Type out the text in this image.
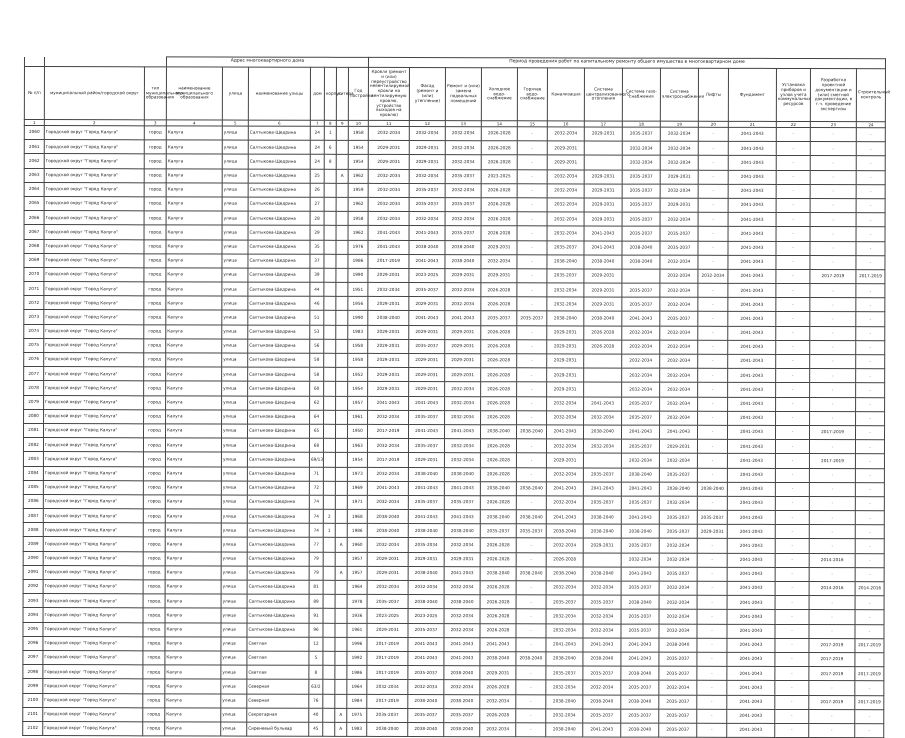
			Адрес многоквартирного дома							Период проведения работ по капитальному ремонту общего имущества в многоквартирном доме													
№ п/п	муниципальный район/городской округ	тип муниципального образования	наименование муниципального образования	улица	наименование улицы	дом	корпус	литера	Год постройки	Кровля (ремонт и (или) переустройство невентилируемой кровли на вентилируемую кровлю, устройство выходов на кровлю)	Фасад (ремонт и (или) утепление)	Ремонт и (или) замена подвальных помещений	Холодное водо-снабжение	Горячее водо-снабжение	Канализация	Система централизованного отопления	Система газо-снабжения	Система электроснабжения	Лифты	Фундамент	Установка приборов и узлов учета коммунальных ресурсов	Разработка проектной документации и (или) сметной документации, в т.ч. проведение экспертизы	Строительный контроль
1	2	3	4	5	6	7	8	9	10	11	12	13	14	15	16	17	18	19	20	21	22	23	24
2060	Городской округ "Город Калуга"	город	Калуга	улица	Салтыкова-Щедрина	24	1		1958	2032-2034	2032-2034	2032-2034	2026-2028	-	2032-2034	2029-2031	2035-2037	2032-2034	-	2041-2043	-	-	-
2061	Городской округ "Город Калуга"	город	Калуга	улица	Салтыкова-Щедрина	24	6		1954	2029-2031	2029-2031	2032-2034	2026-2028	-	2029-2031		2032-2034	2032-2034	-	2041-2043	-	-	-
2062	Городской округ "Город Калуга"	город	Калуга	улица	Салтыкова-Щедрина	24	8		1954	2029-2031	2029-2031	2032-2034	2026-2028	-	2029-2031		2032-2034	2032-2034	-	2041-2043	-	-	-
2063	Городской округ "Город Калуга"	город	Калуга	улица	Салтыкова-Щедрина	25		А	1962	2032-2034	2032-2034	2035-2037	2023-2025	-	2032-2034	2029-2031	2035-2037	2029-2031	-	2041-2043	-	-	-
2064	Городской округ "Город Калуга"	город	Калуга	улица	Салтыкова-Щедрина	26			1959	2032-2034	2035-2037	2032-2034	2026-2028	-	2032-2034	2029-2031	2035-2037	2032-2034	-	2041-2043	-	-	-
2065	Городской округ "Город Калуга"	город	Калуга	улица	Салтыкова-Щедрина	27			1962	2032-2034	2035-2037	2035-2037	2026-2028	-	2032-2034	2029-2031	2035-2037	2029-2031	-	2041-2043	-	-	-
2066	Городской округ "Город Калуга"	город	Калуга	улица	Салтыкова-Щедрина	28			1958	2032-2034	2032-2034	2032-2034	2026-2028	-	2032-2034	2029-2031	2035-2037	2032-2034	-	2041-2043	-	-	-
2067	Городской округ "Город Калуга"	город	Калуга	улица	Салтыкова-Щедрина	29			1962	2041-2043	2041-2043	2035-2037	2026-2028	-	2032-2034	2041-2043	2035-2037	2035-2037	-	2041-2043	-	-	-
2068	Городской округ "Город Калуга"	город	Калуга	улица	Салтыкова-Щедрина	35			1976	2041-2043	2038-2040	2038-2040	2029-2031	-	2035-2037	2041-2043	2038-2040	2035-2037	-	2041-2043	-	-	-
2069	Городской округ "Город Калуга"	город	Калуга	улица	Салтыкова-Щедрина	37			1986	2017-2019	2041-2043	2038-2040	2032-2034	-	2038-2040	2038-2040	2038-2040	2032-2034	-	2041-2043	-	-	-
2070	Городской округ "Город Калуга"	город	Калуга	улица	Салтыкова-Щедрина	39			1990	2029-2031	2023-2025	2029-2031	2029-2031	-	2035-2037	2029-2031		2032-2034	2032-2034	2041-2043	-	2017-2019	2017-2019
2071	Городской округ "Город Калуга"	город	Калуга	улица	Салтыкова-Щедрина	44			1951	2032-2034	2035-2037	2032-2034	2026-2028	-	2032-2034	2029-2031	2035-2037	2032-2034	-	2041-2043	-	-	-
2072	Городской округ "Город Калуга"	город	Калуга	улица	Салтыкова-Щедрина	46			1956	2029-2031	2029-2031	2032-2034	2026-2028	-	2032-2034	2029-2031	2035-2037	2032-2034	-	2041-2043	-	-	-
2073	Городской округ "Город Калуга"	город	Калуга	улица	Салтыкова-Щедрина	51			1990	2038-2040	2041-2043	2041-2043	2035-2037	2035-2037	2038-2040	2038-2040	2041-2043	2035-2037	-	2041-2043	-	-	-
2074	Городской округ "Город Калуга"	город	Калуга	улица	Салтыкова-Щедрина	53			1983	2029-2031	2029-2031	2029-2031	2026-2028	-	2029-2031	2026-2028	2032-2034	2032-2034	-	2041-2043	-	-	-
2075	Городской округ "Город Калуга"	город	Калуга	улица	Салтыкова-Щедрина	56			1958	2029-2031	2035-2037	2029-2031	2026-2028	-	2029-2031	2026-2028	2032-2034	2032-2034	-	2041-2043	-	-	-
2076	Городской округ "Город Калуга"	город	Калуга	улица	Салтыкова-Щедрина	58			1958	2029-2031	2029-2031	2029-2031	2026-2028	-	2029-2031		2032-2034	2032-2034	-	2041-2043	-	-	-
2077	Городской округ "Город Калуга"	город	Калуга	улица	Салтыкова-Щедрина	58			1952	2029-2031	2029-2031	2029-2031	2026-2028	-	2029-2031		2032-2034	2032-2034	-	2041-2043	-	-	-
2078	Городской округ "Город Калуга"	город	Калуга	улица	Салтыкова-Щедрина	60			1954	2029-2031	2029-2031	2032-2034	2026-2028	-	2029-2031		2032-2034	2032-2034	-	2041-2043	-	-	-
2079	Городской округ "Город Калуга"	город	Калуга	улица	Салтыкова-Щедрина	62			1957	2041-2043	2041-2043	2032-2034	2026-2028	-	2032-2034	2041-2043	2035-2037	2032-2034	-	2041-2043	-	-	-
2080	Городской округ "Город Калуга"	город	Калуга	улица	Салтыкова-Щедрина	64			1961	2032-2034	2035-2037	2032-2034	2026-2028	-	2032-2034	2032-2034	2035-2037	2032-2034	-	2041-2043	-	-	-
2081	Городской округ "Город Калуга"	город	Калуга	улица	Салтыкова-Щедрина	65			1950	2017-2019	2041-2043	2041-2043	2038-2040	2038-2040	2041-2043	2038-2040	2041-2043	2041-2043	-	2041-2043	-	2017-2019	-
2082	Городской округ "Город Калуга"	город	Калуга	улица	Салтыкова-Щедрина	68			1963	2032-2034	2035-2037	2032-2034	2026-2028	-	2032-2034	2032-2034	2035-2037	2029-2031	-	2041-2043	-	-	-
2083	Городской округ "Город Калуга"	город	Калуга	улица	Салтыкова-Щедрина	69/13			1954	2017-2019	2029-2031	2032-2034	2026-2028	-	2029-2031		2032-2034	2032-2034	-	2041-2043	-	2017-2019	-
2084	Городской округ "Город Калуга"	город	Калуга	улица	Салтыкова-Щедрина	71			1973	2032-2034	2038-2040	2038-2040	2026-2028	-	2032-2034	2035-2037	2038-2040	2035-2037	-	2041-2043	-	-	-
2085	Городской округ "Город Калуга"	город	Калуга	улица	Салтыкова-Щедрина	72			1969	2041-2043	2041-2043	2041-2043	2038-2040	2038-2040	2041-2043	2041-2043	2041-2043	2038-2040	2038-2040	2041-2043	-	-	-
2086	Городской округ "Город Калуга"	город	Калуга	улица	Салтыкова-Щедрина	74			1971	2032-2034	2035-2037	2035-2037	2026-2028	-	2032-2034	2035-2037	2035-2037	2032-2034	-	2041-2043	-	-	-
2087	Городской округ "Город Калуга"	город	Калуга	улица	Салтыкова-Щедрина	74	2		1968	2038-2040	2041-2043	2041-2043	2038-2040	2038-2040	2041-2043	2038-2040	2041-2043	2035-2037	2035-2037	2041-2043	-	-	-
2088	Городской округ "Город Калуга"	город	Калуга	улица	Салтыкова-Щедрина	74	1		1986	2038-2040	2038-2040	2038-2040	2035-2037	2035-2037	2038-2040	2038-2040	2038-2040	2035-2037	2029-2031	2041-2043	-	-	-
2089	Городской округ "Город Калуга"	город	Калуга	улица	Салтыкова-Щедрина	77		А	1960	2032-2034	2035-2034	2032-2034	2026-2028	-	2032-2034	2029-2031	2035-2037	2032-2034	-	2041-2043	-	-	-
2090	Городской округ "Город Калуга"	город	Калуга	улица	Салтыкова-Щедрина	79			1957	2029-2031	2029-2031	2029-2031	2026-2028	-	2026-2028		2032-2034	2032-2034	-	2041-2043	-	2014-2016	-
2091	Городской округ "Город Калуга"	город	Калуга	улица	Салтыкова-Щедрина	79		А	1957	2029-2031	2038-2040	2041-2043	2038-2040	2038-2040	2038-2040	2038-2040	2041-2043	2035-2037	-	2041-2043	-	-	-
2092	Городской округ "Город Калуга"	город	Калуга	улица	Салтыкова-Щедрина	81			1964	2032-2034	2032-2034	2032-2034	2026-2028	-	2032-2034	2032-2034	2035-2037	2032-2034	-	2041-2043	-	2014-2016	2014-2016
2093	Городской округ "Город Калуга"	город	Калуга	улица	Салтыкова-Щедрина	89			1978	2035-2037	2038-2040	2038-2040	2026-2028	-	2035-2037	2035-2037	2038-2040	2032-2034	-	2041-2043	-	-	-
2094	Городской округ "Город Калуга"	город	Калуга	улица	Салтыкова-Щедрина	91			1936	2023-2025	2023-2025	2032-2034	2026-2028	-	2032-2034	2032-2034	2035-2037	2032-2034	-	2041-2043	-	-	-
2095	Городской округ "Город Калуга"	город	Калуга	улица	Салтыкова-Щедрина	96			1961	2029-2031	2035-2037	2032-2034	2026-2028	-	2032-2034	2032-2034	2035-2037	2032-2034	-	2041-2043	-	-	-
2096	Городской округ "Город Калуга"	город	Калуга	улица	Светлая	12			1996	2017-2019	2041-2043	2041-2043	2041-2043	-	2041-2043	2041-2043	2041-2043	2038-2040	-	2041-2043	-	2017-2019	2017-2019
2097	Городской округ "Город Калуга"	город	Калуга	улица	Светлая	5			1992	2017-2019	2041-2043	2041-2043	2038-2040	2038-2040	2038-2040	2038-2040	2041-2043	2035-2037	-	2041-2043	-	2017-2019	-
2098	Городской округ "Город Калуга"	город	Калуга	улица	Светлая	8			1986	2017-2019	2035-2037	2038-2040	2029-2031	-	2035-2037	2035-2037	2038-2040	2035-2037	-	2041-2043	-	2017-2019	2017-2019
2099	Городской округ "Город Калуга"	город	Калуга	улица	Северная	63/2			1964	2032-2034	2032-2034	2032-2034	2026-2028	-	2032-2034	2032-2034	2035-2037	2032-2034	-	2041-2043	-	-	-
2100	Городской округ "Город Калуга"	город	Калуга	улица	Северная	76			1984	2017-2019	2038-2040	2038-2040	2032-2034	-	2038-2040	2038-2040	2038-2040	2035-2037	-	2041-2043	-	2017-2019	2017-2019
2101	Городской округ "Город Калуга"	город	Калуга	улица	Секретарная	40		А	1975	2035-2037	2035-2037	2035-2037	2026-2028	-	2032-2034	2035-2037	2035-2037	2035-2037	-	2041-2043	-	-	-
2102	Городской округ "Город Калуга"	город	Калуга	улица	Сиреневый бульвар	45		А	1983	2038-2040	2038-2040	2038-2040	2032-2034	-	2038-2040	2041-2043	2038-2040	2035-2037	-	2041-2043	-	-	-
